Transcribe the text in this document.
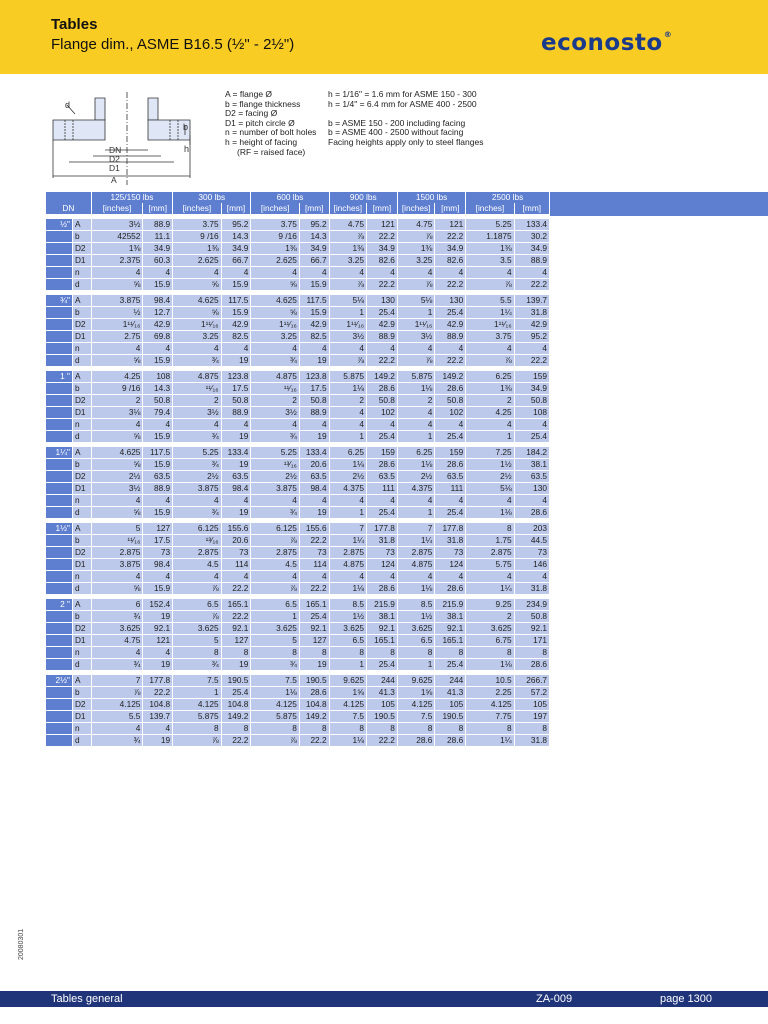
Tables
Flange dim., ASME B16.5 (½" - 2½")	econosto®
d
b
h
DN
D2
D1
A
A = flange Ø
b = flange thickness
D2 = facing Ø
D1 = pitch circle Ø
n = number of bolt holes
h = height of facing
(RF = raised face)
h = 1/16" = 1.6 mm for ASME 150 - 300
h = 1/4" = 6.4 mm for ASME 400 - 2500
b = ASME 150 - 200 including facing
b = ASME 400 - 2500 without facing
Facing heights apply only to steel flanges
		125/150 lbs		300 lbs		600 lbs		900 lbs		1500 lbs		2500 lbs	
DN		[inches]	[mm]	[inches]	[mm]	[inches]	[mm]	[inches]	[mm]	[inches]	[mm]	[inches]	[mm]

½"	A	3½	88.9	3.75	95.2	3.75	95.2	4.75	121	4.75	121	5.25	133.4
	b	42552	11.1	9 /16	14.3	9 /16	14.3	⅞	22.2	⅞	22.2	1.1875	30.2
	D2	1⅜	34.9	1⅜	34.9	1⅜	34.9	1⅜	34.9	1⅜	34.9	1⅜	34.9
	D1	2.375	60.3	2.625	66.7	2.625	66.7	3.25	82.6	3.25	82.6	3.5	88.9
	n	4	4	4	4	4	4	4	4	4	4	4	4
	d	⅝	15.9	⅝	15.9	⅝	15.9	⅞	22.2	⅞	22.2	⅞	22.2

¾"	A	3.875	98.4	4.625	117.5	4.625	117.5	5⅛	130	5⅛	130	5.5	139.7
	b	½	12.7	⅝	15.9	⅝	15.9	1	25.4	1	25.4	1¼	31.8
	D2	1¹¹⁄₁₆	42.9	1¹¹⁄₁₆	42.9	1¹¹⁄₁₆	42.9	1¹¹⁄₁₆	42.9	1¹¹⁄₁₆	42.9	1¹¹⁄₁₆	42.9
	D1	2.75	69.8	3.25	82.5	3.25	82.5	3½	88.9	3½	88.9	3.75	95.2
	n	4	4	4	4	4	4	4	4	4	4	4	4
	d	⅝	15.9	¾	19	¾	19	⅞	22.2	⅞	22.2	⅞	22.2

1 "	A	4.25	108	4.875	123.8	4.875	123.8	5.875	149.2	5.875	149.2	6.25	159
	b	9 /16	14.3	¹¹⁄₁₆	17.5	¹¹⁄₁₆	17.5	1⅛	28.6	1⅛	28.6	1⅜	34.9
	D2	2	50.8	2	50.8	2	50.8	2	50.8	2	50.8	2	50.8
	D1	3⅛	79.4	3½	88.9	3½	88.9	4	102	4	102	4.25	108
	n	4	4	4	4	4	4	4	4	4	4	4	4
	d	⅝	15.9	¾	19	¾	19	1	25.4	1	25.4	1	25.4

1¼"	A	4.625	117.5	5.25	133.4	5.25	133.4	6.25	159	6.25	159	7.25	184.2
	b	⅝	15.9	¾	19	¹³⁄₁₆	20.6	1⅛	28.6	1⅛	28.6	1½	38.1
	D2	2½	63.5	2½	63.5	2½	63.5	2½	63.5	2½	63.5	2½	63.5
	D1	3½	88.9	3.875	98.4	3.875	98.4	4.375	111	4.375	111	5⅛	130
	n	4	4	4	4	4	4	4	4	4	4	4	4
	d	⅝	15.9	¾	19	¾	19	1	25.4	1	25.4	1⅛	28.6

1½"	A	5	127	6.125	155.6	6.125	155.6	7	177.8	7	177.8	8	203
	b	¹¹⁄₁₆	17.5	¹³⁄₁₆	20.6	⅞	22.2	1¼	31.8	1¼	31.8	1.75	44.5
	D2	2.875	73	2.875	73	2.875	73	2.875	73	2.875	73	2.875	73
	D1	3.875	98.4	4.5	114	4.5	114	4.875	124	4.875	124	5.75	146
	n	4	4	4	4	4	4	4	4	4	4	4	4
	d	⅝	15.9	⅞	22.2	⅞	22.2	1⅛	28.6	1⅛	28.6	1¼	31.8

2 "	A	6	152.4	6.5	165.1	6.5	165.1	8.5	215.9	8.5	215.9	9.25	234.9
	b	¾	19	⅞	22.2	1	25.4	1½	38.1	1½	38.1	2	50.8
	D2	3.625	92.1	3.625	92.1	3.625	92.1	3.625	92.1	3.625	92.1	3.625	92.1
	D1	4.75	121	5	127	5	127	6.5	165.1	6.5	165.1	6.75	171
	n	4	4	8	8	8	8	8	8	8	8	8	8
	d	¾	19	¾	19	¾	19	1	25.4	1	25.4	1⅛	28.6

2½"	A	7	177.8	7.5	190.5	7.5	190.5	9.625	244	9.625	244	10.5	266.7
	b	⅞	22.2	1	25.4	1⅛	28.6	1⅝	41.3	1⅝	41.3	2.25	57.2
	D2	4.125	104.8	4.125	104.8	4.125	104.8	4.125	105	4.125	105	4.125	105
	D1	5.5	139.7	5.875	149.2	5.875	149.2	7.5	190.5	7.5	190.5	7.75	197
	n	4	4	8	8	8	8	8	8	8	8	8	8
	d	¾	19	⅞	22.2	⅞	22.2	1⅛	22.2	28.6	28.6	1¼	31.8
20080301
Tables general	ZA-009	page 1300
